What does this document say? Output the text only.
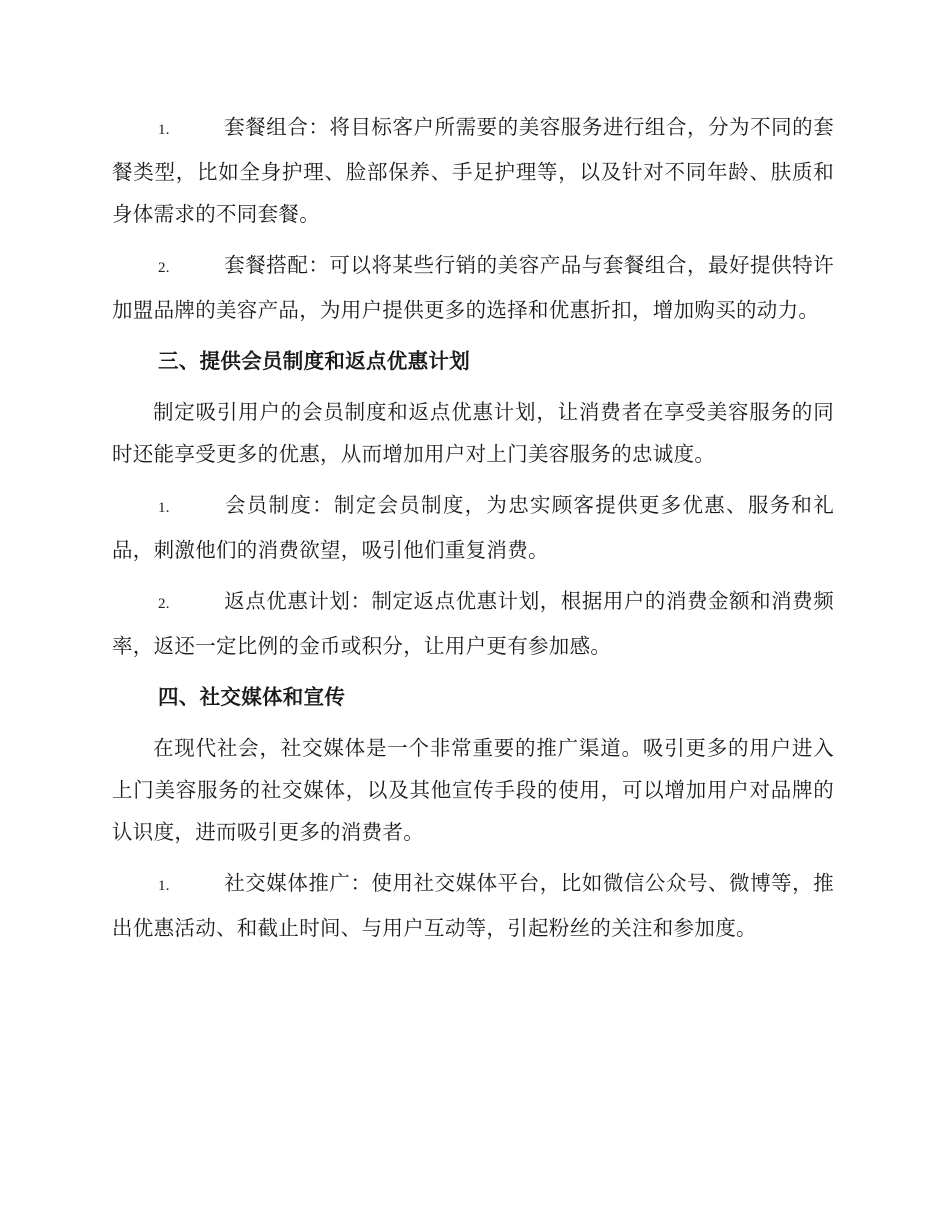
1.	套餐组合：将目标客户所需要的美容服务进行组合，分为不同的套餐类型，比如全身护理、脸部保养、手足护理等，以及针对不同年龄、肤质和身体需求的不同套餐。

2.	套餐搭配：可以将某些行销的美容产品与套餐组合，最好提供特许加盟品牌的美容产品，为用户提供更多的选择和优惠折扣，增加购买的动力。

三、提供会员制度和返点优惠计划

制定吸引用户的会员制度和返点优惠计划，让消费者在享受美容服务的同时还能享受更多的优惠，从而增加用户对上门美容服务的忠诚度。

1.	会员制度：制定会员制度，为忠实顾客提供更多优惠、服务和礼品，刺激他们的消费欲望，吸引他们重复消费。

2.	返点优惠计划：制定返点优惠计划，根据用户的消费金额和消费频率，返还一定比例的金币或积分，让用户更有参加感。

四、社交媒体和宣传

在现代社会，社交媒体是一个非常重要的推广渠道。吸引更多的用户进入上门美容服务的社交媒体，以及其他宣传手段的使用，可以增加用户对品牌的认识度，进而吸引更多的消费者。

1.	社交媒体推广：使用社交媒体平台，比如微信公众号、微博等，推出优惠活动、和截止时间、与用户互动等，引起粉丝的关注和参加度。
